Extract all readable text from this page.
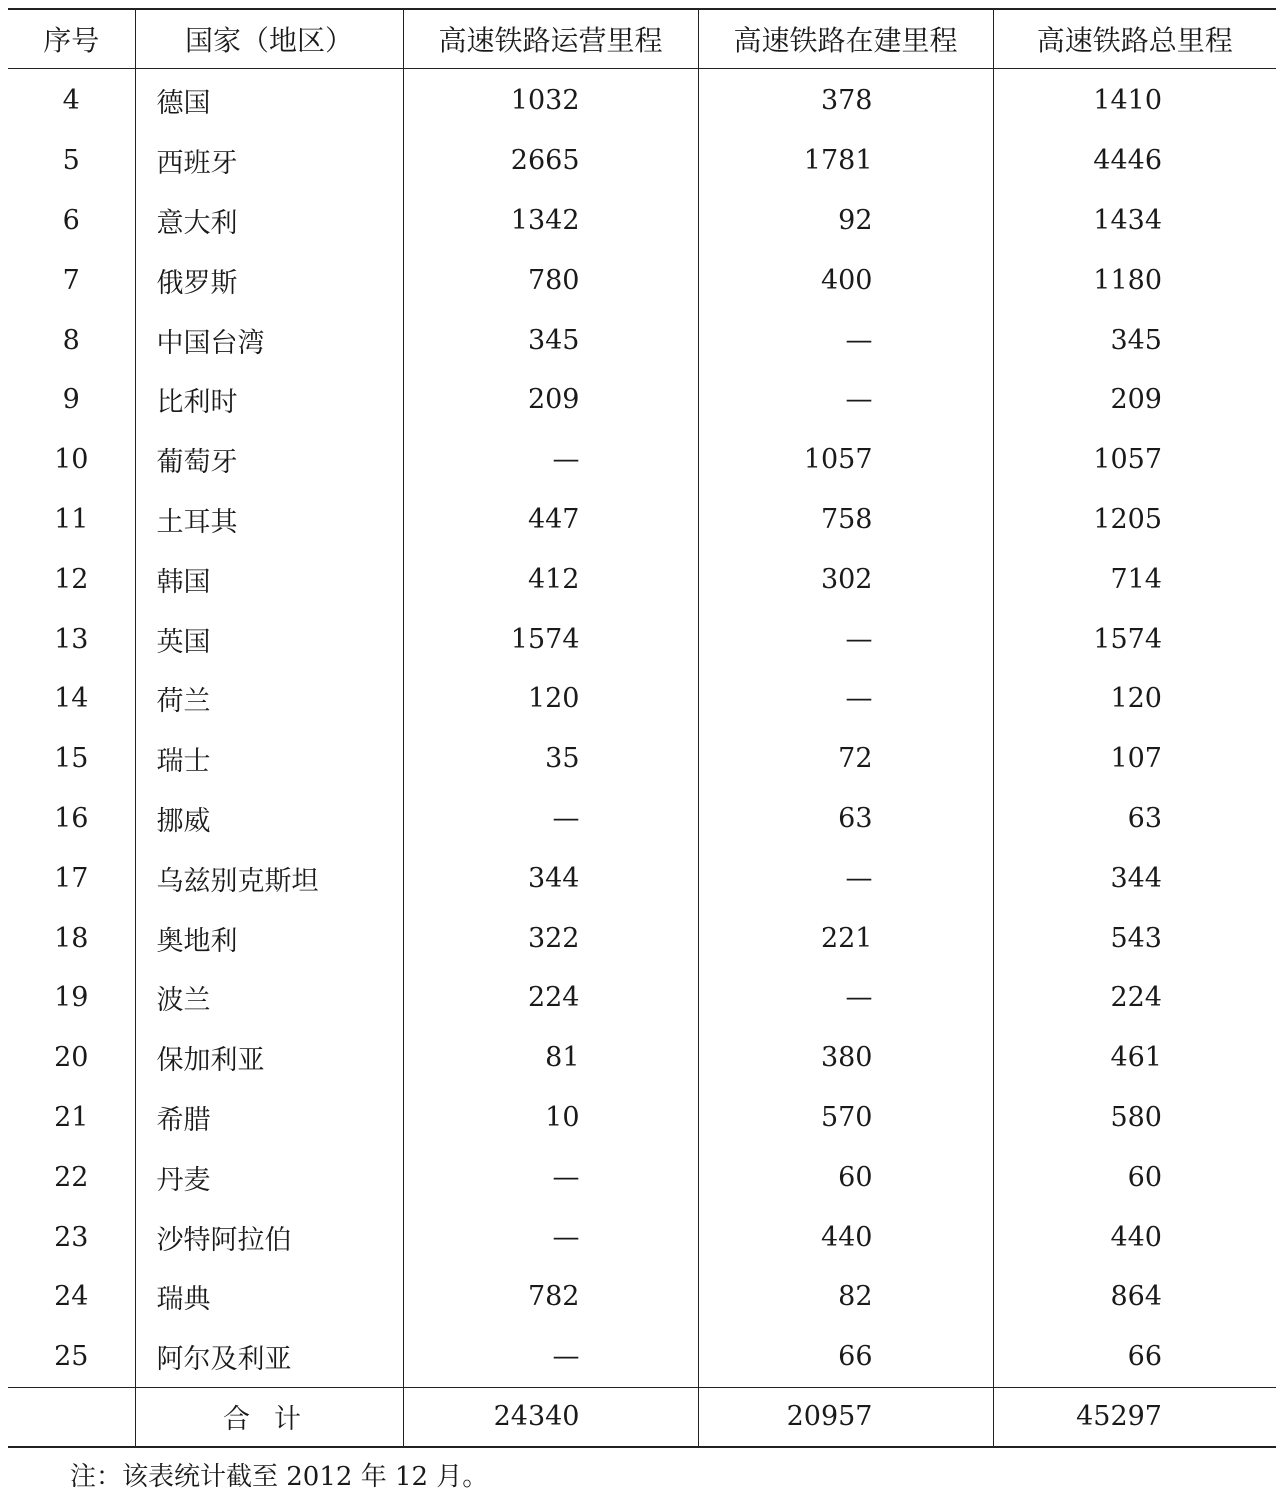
序号	国家（地区）	高速铁路运营里程	高速铁路在建里程	高速铁路总里程
4	德国	1032	378	1410
5	西班牙	2665	1781	4446
6	意大利	1342	92	1434
7	俄罗斯	780	400	1180
8	中国台湾	345	—	345
9	比利时	209	—	209
10	葡萄牙	—	1057	1057
11	土耳其	447	758	1205
12	韩国	412	302	714
13	英国	1574	—	1574
14	荷兰	120	—	120
15	瑞士	35	72	107
16	挪威	—	63	63
17	乌兹别克斯坦	344	—	344
18	奥地利	322	221	543
19	波兰	224	—	224
20	保加利亚	81	380	461
21	希腊	10	570	580
22	丹麦	—	60	60
23	沙特阿拉伯	—	440	440
24	瑞典	782	82	864
25	阿尔及利亚	—	66	66
	合计	24340	20957	45297
注：该表统计截至 2012 年 12 月。
